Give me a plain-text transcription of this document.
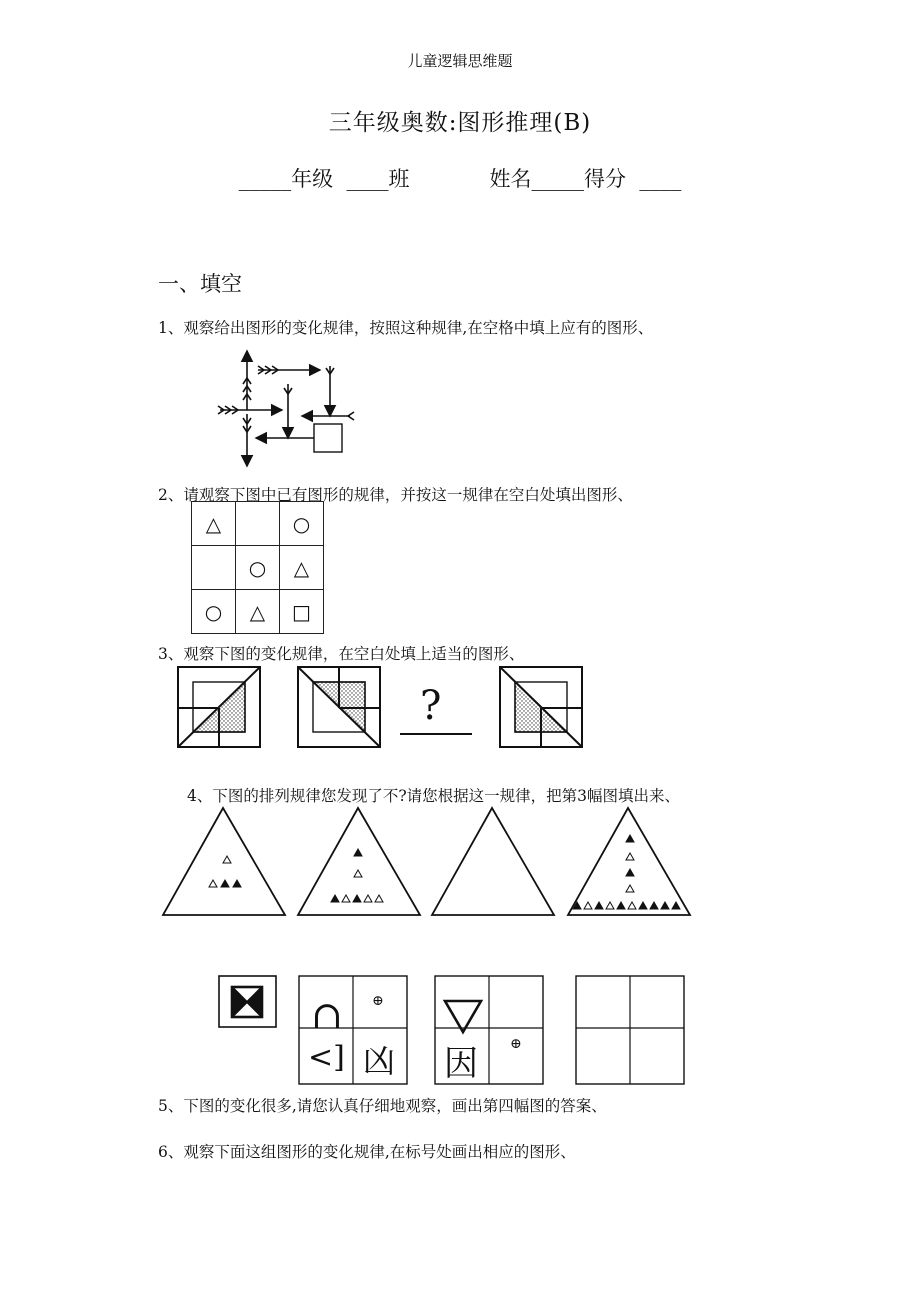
儿童逻辑思维题
三年级奥数:图形推理(B)
_____年级  ____班            姓名_____得分  ____
一、填空
1、观察给出图形的变化规律，按照这种规律,在空格中填上应有的图形、
2、请观察下图中已有图形的规律，并按这一规律在空白处填出图形、
△		○
	○	△
○	△	□
3、观察下图的变化规律，在空白处填上适当的图形、
?
4、下图的排列规律您发现了不?请您根据这一规律，把第3幅图填出来、
∩ ⊕
<] 凶 因 ⊕
5、下图的变化很多,请您认真仔细地观察，画出第四幅图的答案、
6、观察下面这组图形的变化规律,在标号处画出相应的图形、
